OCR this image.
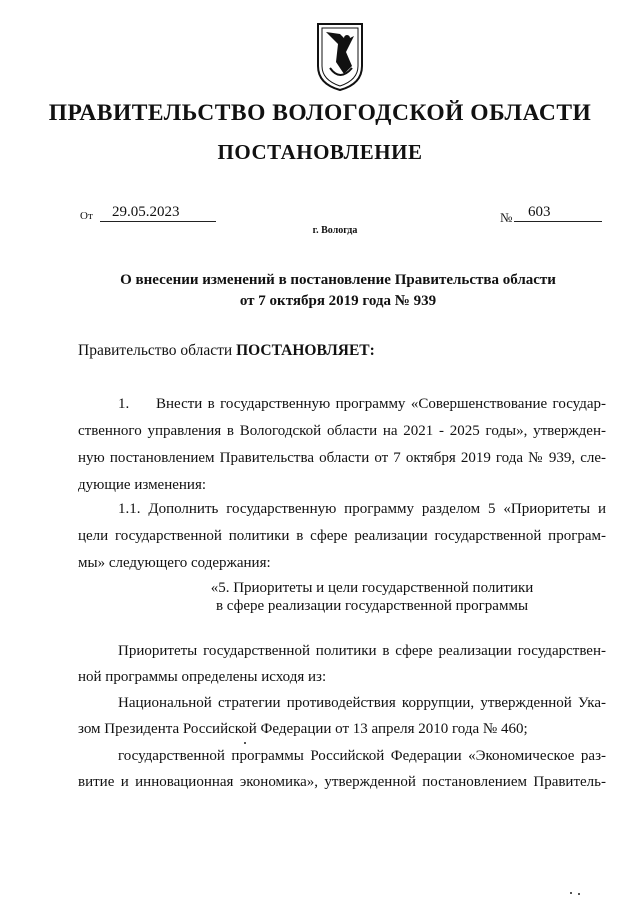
ПРАВИТЕЛЬСТВО ВОЛОГОДСКОЙ ОБЛАСТИ
ПОСТАНОВЛЕНИЕ
От 29.05.2023	№ 603
г. Вологда
О внесении изменений в постановление Правительства области
от 7 октября 2019 года № 939
Правительство области ПОСТАНОВЛЯЕТ:
1. Внести в государственную программу «Совершенствование государ-
ственного управления в Вологодской области на 2021 - 2025 годы», утвержден-
ную постановлением Правительства области от 7 октября 2019 года № 939, сле-
дующие изменения:
1.1. Дополнить государственную программу разделом 5 «Приоритеты и
цели государственной политики в сфере реализации государственной програм-
мы» следующего содержания:
«5. Приоритеты и цели государственной политики
в сфере реализации государственной программы
Приоритеты государственной политики в сфере реализации государствен-
ной программы определены исходя из:
Национальной стратегии противодействия коррупции, утвержденной Ука-
зом Президента Российской Федерации от 13 апреля 2010 года № 460;
государственной программы Российской Федерации «Экономическое раз-
витие и инновационная экономика», утвержденной постановлением Правитель-
